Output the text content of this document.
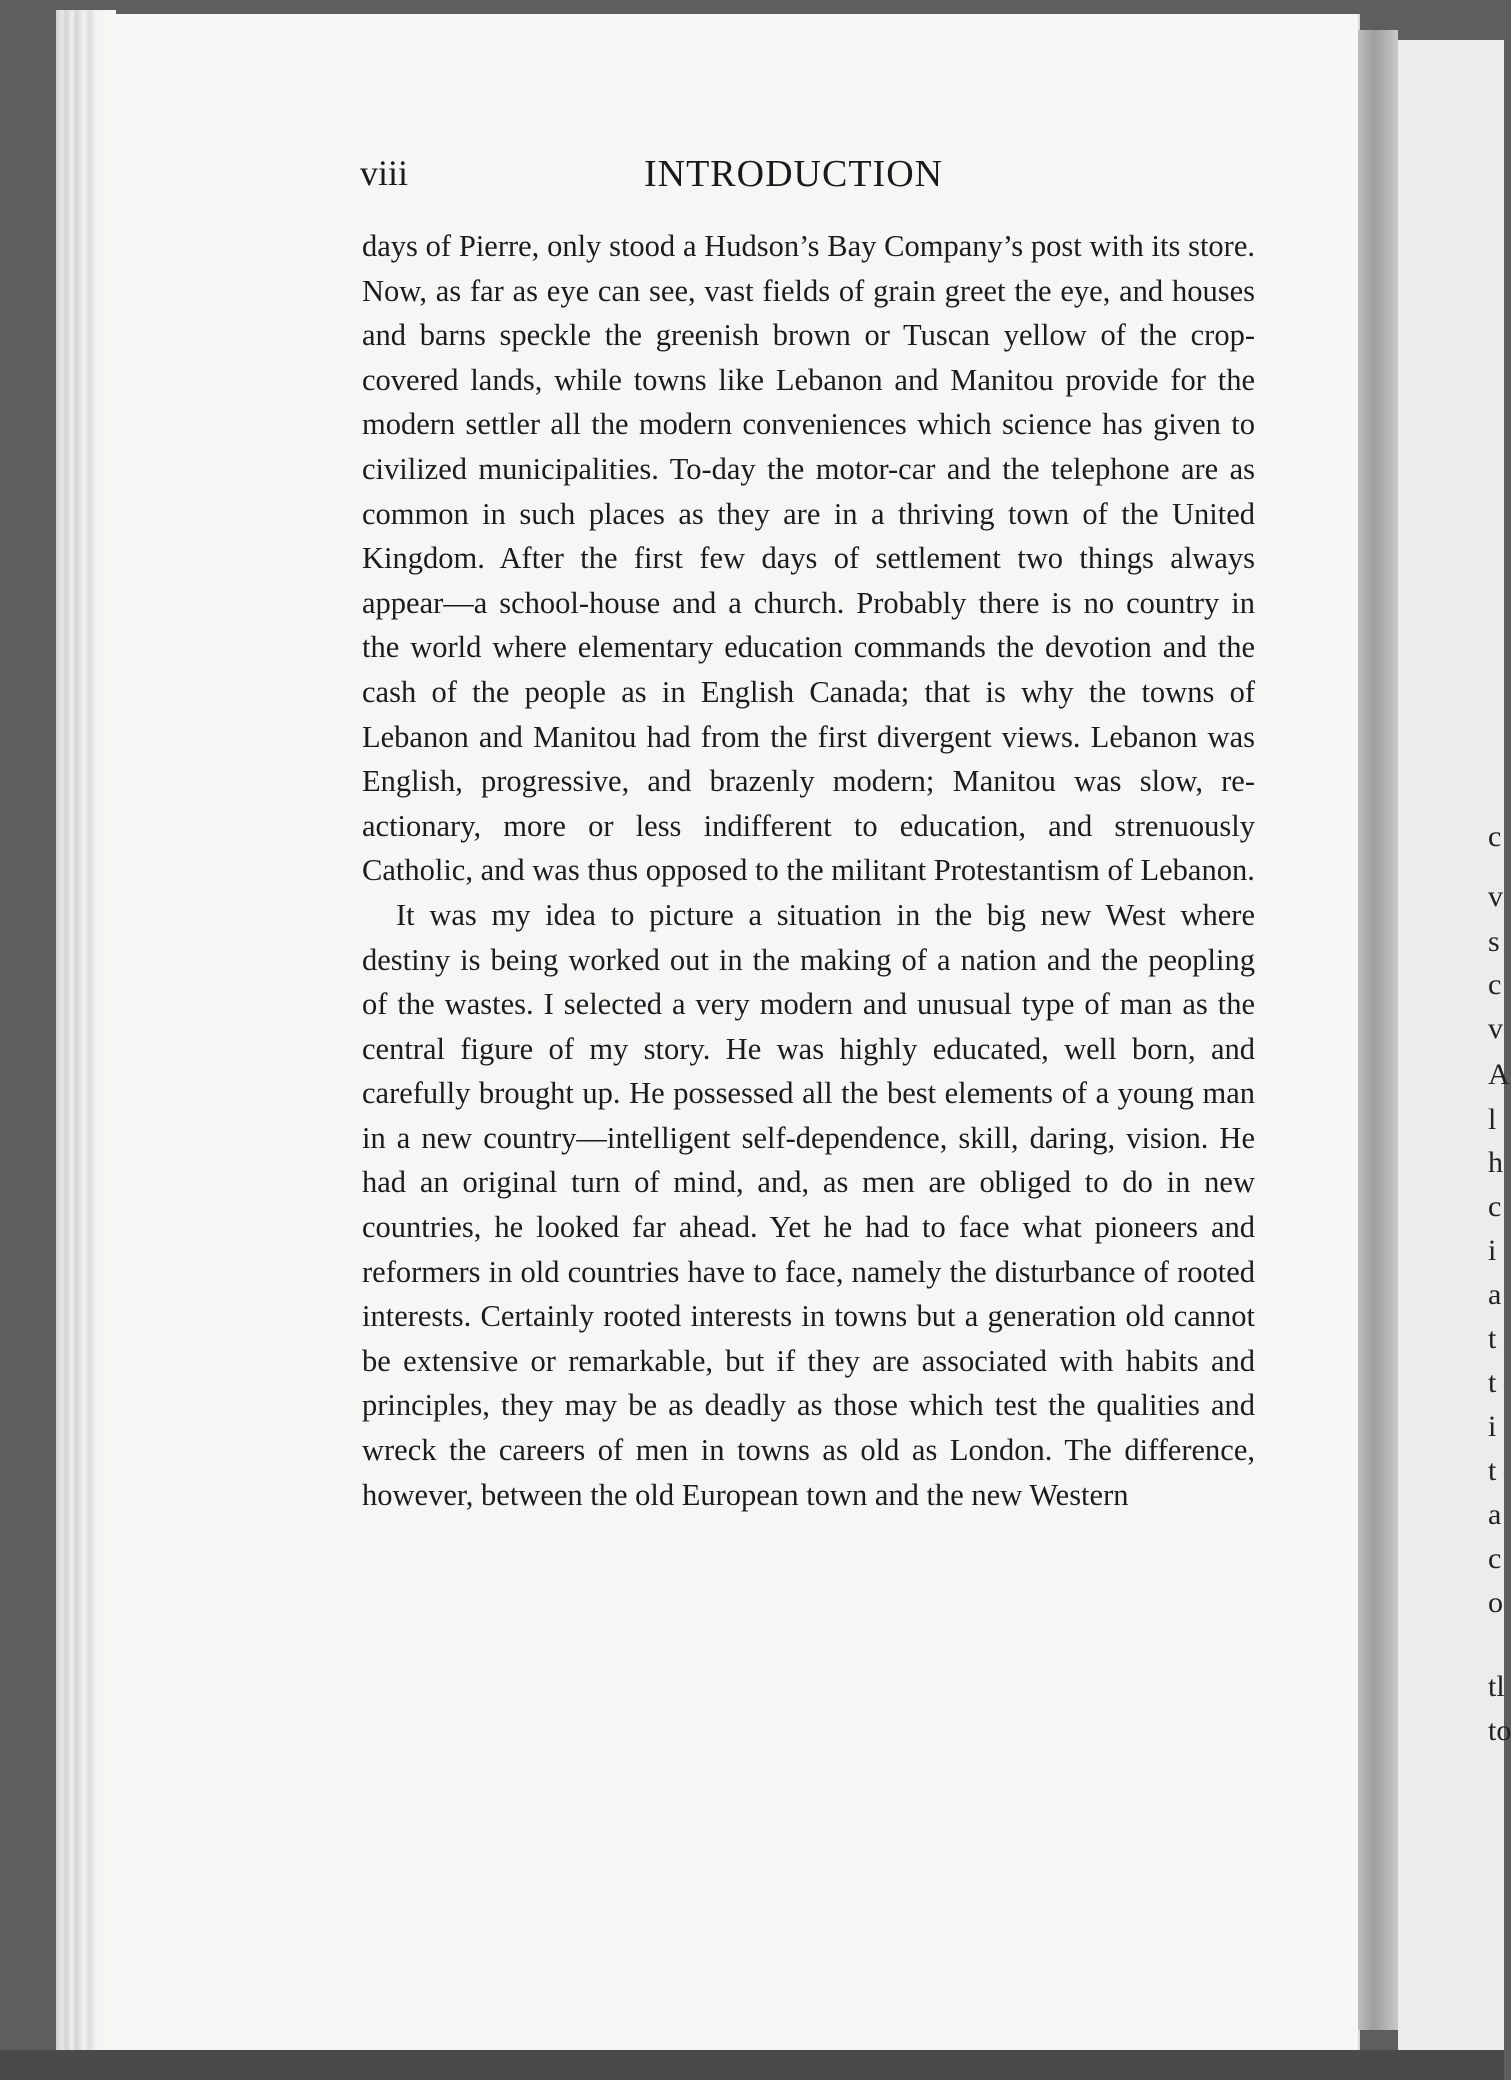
c
v
s
c
v
A
l
h
c
i
a
t
t
i
t
a
c
o
tl
to
viii	INTRODUCTION

days of Pierre, only stood a Hudson’s Bay Company’s post with its store. Now, as far as eye can see, vast fields of grain greet the eye, and houses and barns speckle the greenish brown or Tuscan yellow of the crop-covered lands, while towns like Lebanon and Manitou provide for the modern settler all the modern conveniences which science has given to civilized municipalities. To-day the motor-car and the telephone are as common in such places as they are in a thriving town of the United Kingdom. After the first few days of settlement two things always appear—a school-house and a church. Probably there is no country in the world where elementary education commands the devotion and the cash of the people as in English Canada; that is why the towns of Lebanon and Manitou had from the first divergent views. Lebanon was English, progressive, and brazenly modern; Manitou was slow, re-actionary, more or less indifferent to education, and strenuously Catholic, and was thus opposed to the militant Protestantism of Lebanon.

It was my idea to picture a situation in the big new West where destiny is being worked out in the making of a nation and the peopling of the wastes. I selected a very modern and unusual type of man as the central figure of my story. He was highly educated, well born, and carefully brought up. He possessed all the best elements of a young man in a new country—intelligent self-dependence, skill, daring, vision. He had an original turn of mind, and, as men are obliged to do in new countries, he looked far ahead. Yet he had to face what pioneers and reformers in old countries have to face, namely the disturbance of rooted interests. Certainly rooted interests in towns but a generation old cannot be extensive or remarkable, but if they are associated with habits and principles, they may be as deadly as those which test the qualities and wreck the careers of men in towns as old as London. The difference, however, between the old European town and the new Western
